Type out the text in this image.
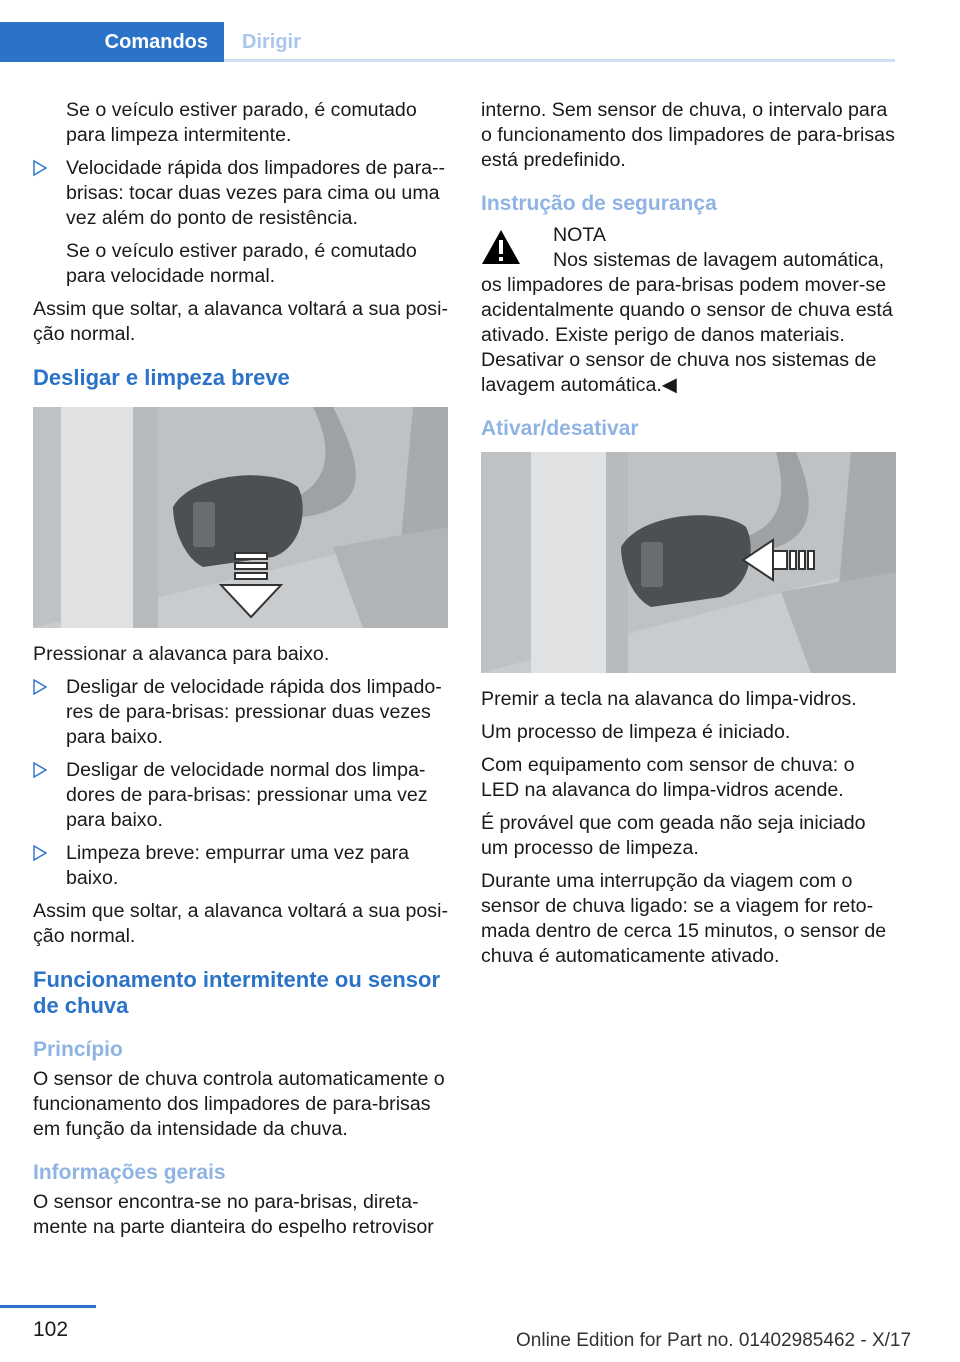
Comandos	Dirigir

Se o veículo estiver parado, é comutado para limpeza intermitente.

Velocidade rápida dos limpadores de para--brisas: tocar duas vezes para cima ou uma vez além do ponto de resistência.

Se o veículo estiver parado, é comutado para velocidade normal.

Assim que soltar, a alavanca voltará a sua posição normal.

Desligar e limpeza breve

Pressionar a alavanca para baixo.

Desligar de velocidade rápida dos limpadores de para-brisas: pressionar duas vezes para baixo.
Desligar de velocidade normal dos limpadores de para-brisas: pressionar uma vez para baixo.
Limpeza breve: empurrar uma vez para baixo.

Assim que soltar, a alavanca voltará a sua posição normal.

Funcionamento intermitente ou sensor de chuva
Princípio

O sensor de chuva controla automaticamente o funcionamento dos limpadores de para-brisas em função da intensidade da chuva.

Informações gerais

O sensor encontra-se no para-brisas, diretamente na parte dianteira do espelho retrovisor

interno. Sem sensor de chuva, o intervalo para o funcionamento dos limpadores de para-brisas está predefinido.

Instrução de segurança
NOTA

Nos sistemas de lavagem automática, os limpadores de para-brisas podem mover-se acidentalmente quando o sensor de chuva está ativado. Existe perigo de danos materiais. Desativar o sensor de chuva nos sistemas de lavagem automática.◀

Ativar/desativar

Premir a tecla na alavanca do limpa-vidros.

Um processo de limpeza é iniciado.

Com equipamento com sensor de chuva: o LED na alavanca do limpa-vidros acende.

É provável que com geada não seja iniciado um processo de limpeza.

Durante uma interrupção da viagem com o sensor de chuva ligado: se a viagem for retomada dentro de cerca 15 minutos, o sensor de chuva é automaticamente ativado.

102	Online Edition for Part no. 01402985462 - X/17
